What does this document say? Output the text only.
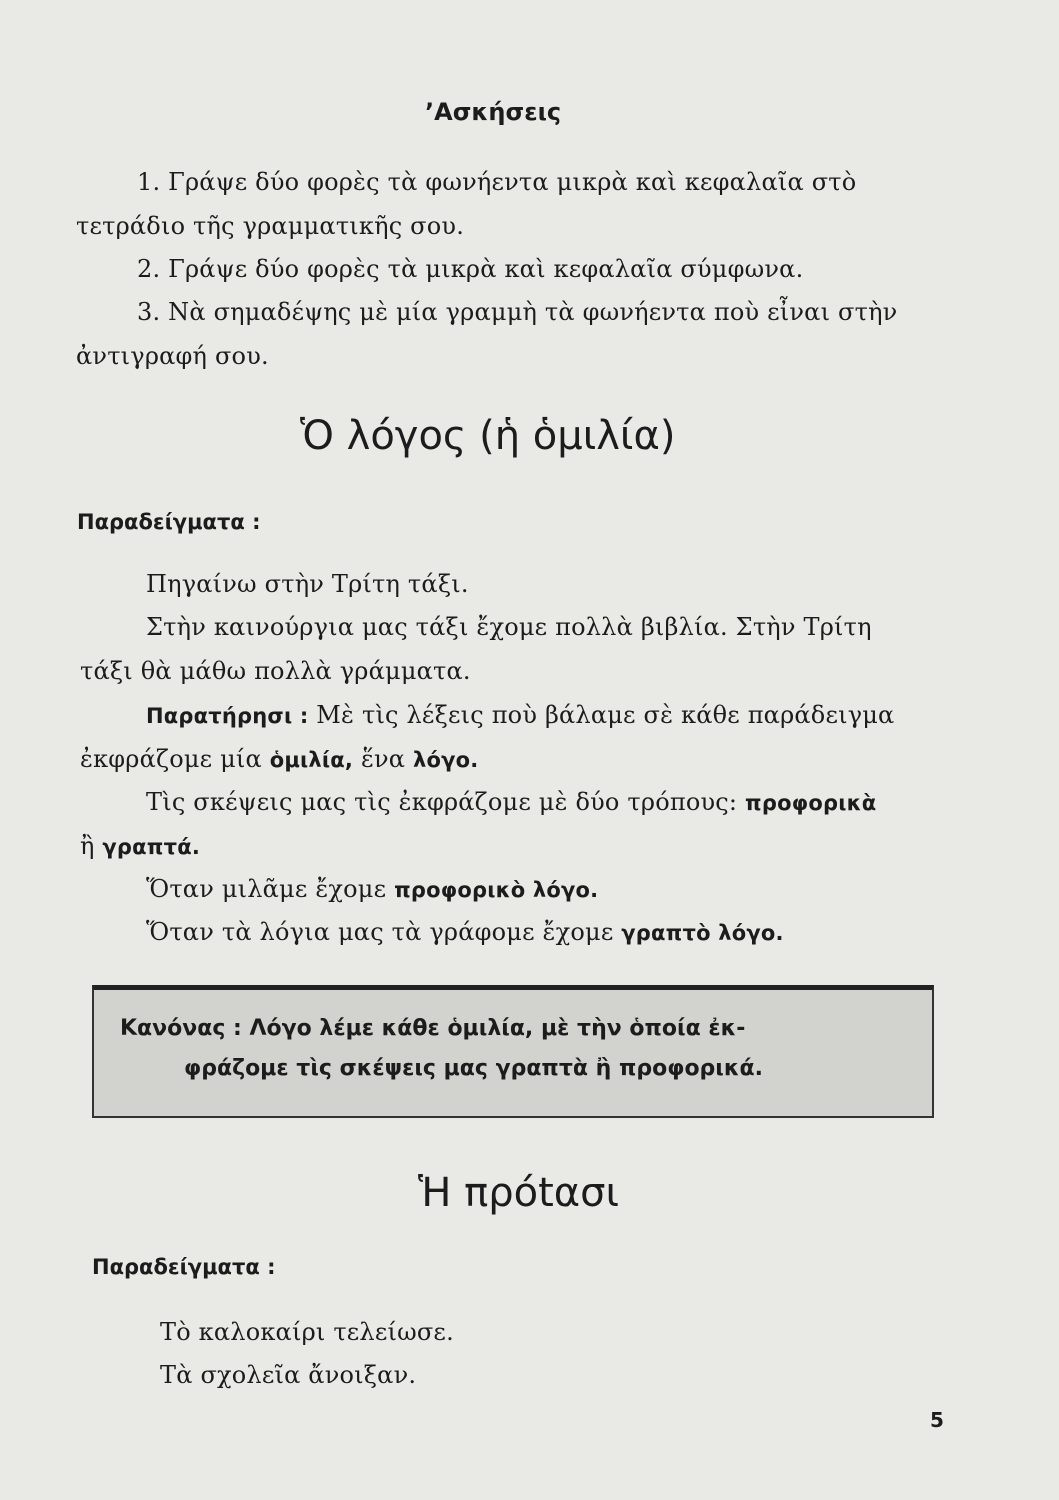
’Ασκήσεις
1. Γράψε δύο φορὲς τὰ φωνήεντα μικρὰ καὶ κεφαλαῖα στὸ
τετράδιο τῆς γραμματικῆς σου.
2. Γράψε δύο φορὲς τὰ μικρὰ καὶ κεφαλαῖα σύμφωνα.
3. Νὰ σημαδέψης μὲ μία γραμμὴ τὰ φωνήεντα ποὺ εἶναι στὴν
ἀντιγραφή σου.
Ὁ λόγος (ἡ ὁμιλία)
Παραδείγματα :
Πηγαίνω στὴν Τρίτη τάξι.
Στὴν καινούργια μας τάξι ἔχομε πολλὰ βιβλία. Στὴν Τρίτη
τάξι θὰ μάθω πολλὰ γράμματα.
Παρατήρησι : Μὲ τὶς λέξεις ποὺ βάλαμε σὲ κάθε παράδειγμα
ἐκφράζομε μία ὁμιλία, ἕνα λόγο.
Τὶς σκέψεις μας τὶς ἐκφράζομε μὲ δύο τρόπους: προφορικὰ
ἢ γραπτά.
Ὅταν μιλᾶμε ἔχομε προφορικὸ λόγο.
Ὅταν τὰ λόγια μας τὰ γράφομε ἔχομε γραπτὸ λόγο.
Κανόνας : Λόγο λέμε κάθε ὁμιλία, μὲ τὴν ὁποία ἐκ-
φράζομε τὶς σκέψεις μας γραπτὰ ἢ προφορικά.
Ἡ πρόtασι
Παραδείγματα :
Τὸ καλοκαίρι τελείωσε.
Τὰ σχολεῖα ἄνοιξαν.
5
